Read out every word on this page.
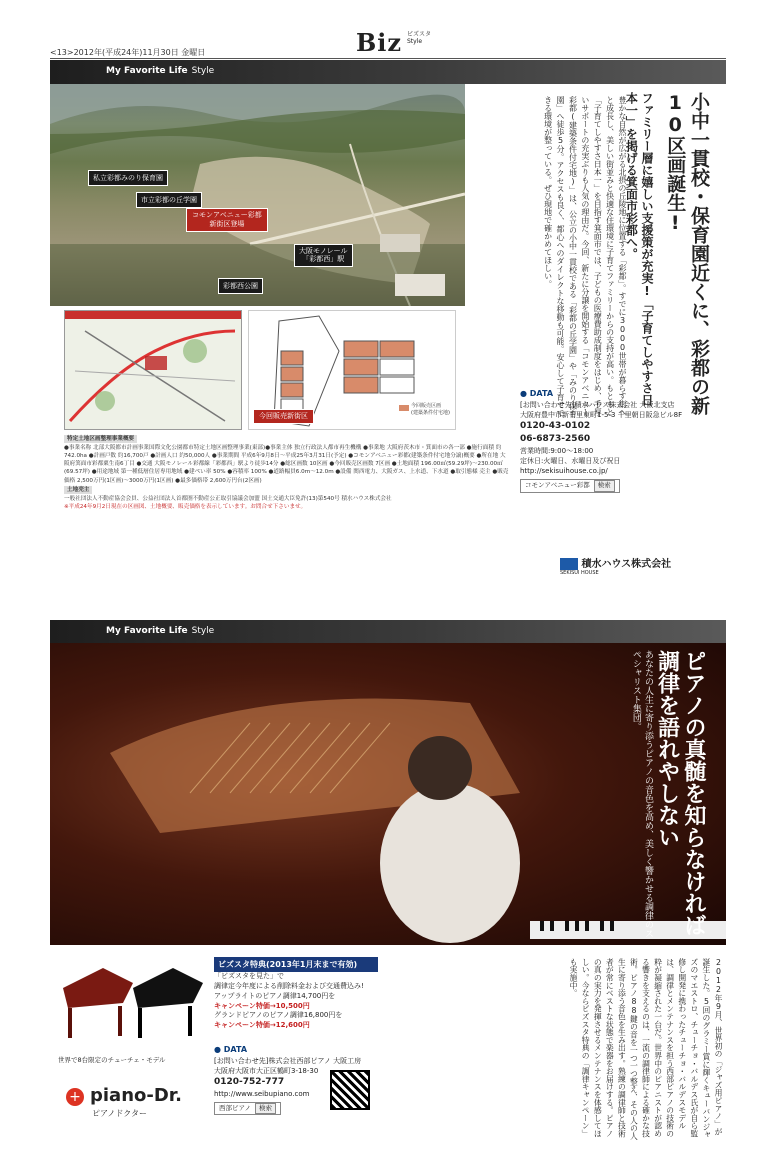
<13>2012年(平成24年)11月30日 金曜日	Biz ビズスタ
Style
My Favorite Life Style
私立彩都みのり保育園
市立彩都の丘学園
コモンアベニュー彩都
新街区登場
大阪モノレール
「彩都西」駅
彩都西公園
今回販売新街区
今回販売区画
(建築条件付宅地)	小中一貫校・保育園近くに、彩都の新10区画誕生!
ファミリー層に嬉しい支援策が充実!「子育てしやすさ日本一」を掲げる箕面市彩都へ。
豊かな自然が広がる北摂の丘陵地に位置する「彩都」。すでに3000世帯が暮らす街へと成長し、美しい街並みと快適な住環境に子育てファミリーからの支持が高い。もともと「子育てしやすさ日本一」を目指す箕面市では、子どもの医療費助成制度をはじめ、手厚いサポートの充実ぶりも人気の理由だ。今回、新たに分譲を開始する「コモンアベニュー彩都(建築条件付宅地)」は、公立の小中一貫校である「彩都の丘学園」や「みのり保育園」へ徒歩5分。アクセスも良く、都心へのダイレクトな移動も可能。安心して子育てできる環境が整っている。ぜひ現地で確かめてほしい。
特定土地区画整理事業概要
●事業名称 北部大阪都市計画事業国際文化公園都市特定土地区画整理事業(東部)●事業主体 独立行政法人都市再生機構 ●事業地 大阪府茨木市・箕面市の各一部 ●施行面積 約742.0ha ●計画戸数 約16,700戸 ●計画人口 約50,000人 ●事業期間 平成6年9月8日～平成25年3月31日(予定) ●コモンアベニュー彩都(建築条件付宅地分譲)概要 ●所在地 大阪府箕面市彩都粟生南6丁目 ●交通 大阪モノレール彩都線「彩都西」駅より徒歩14分 ●総区画数 10区画 ●今回販売区画数 7区画 ●土地面積 196.00㎡(59.29坪)～230.00㎡(69.57坪) ●用途地域 第一種低層住居専用地域 ●建ぺい率 50% ●容積率 100% ●道路幅員6.0m～12.0m ●設備 関西電力、大阪ガス、上水道、下水道 ●取引態様 売主 ●販売価格 2,500万円(1区画)～3000万円(1区画) ●最多価格帯 2,600万円台(2区画)
土地売主
一般社団法人不動産協会会員、公益社団法人首都圏不動産公正取引協議会加盟 国土交通大臣免許(13)第540号 積水ハウス株式会社
※平成24年9月2日現在の区画図、土地概要、販売価格を表示しています。お問合せ下さいませ。
● DATA
[お問い合わせ先]積水ハウス株式会社 大阪北支店
大阪府豊中市新千里東町1-5-3 千里朝日阪急ビル8F
0120-43-0102
06-6873-2560
営業時間:9:00～18:00
定休日:火曜日、水曜日及び祝日
http://sekisuihouse.co.jp/
コモンアベニュー彩都 検索
積水ハウス株式会社
SEKISUI HOUSE
My Favorite Life Style
ピアノの真髄を知らなければ調律を語れやしない
あなたの人生に寄り添うピアノの音色を高め、美しく響かせる調律のスペシャリスト集団。
世界で8台限定のチューチェ・モデル
+ piano-Dr.
ピアノドクター
ビズスタ特典(2013年1月末まで有効)
「ビズスタを見た」で
調律定今年度による削除料金および交通費込み!
アップライトのピアノ調律14,700円を
キャンペーン特価→10,500円
グランドピアノのピアノ調律16,800円を
キャンペーン特価→12,600円
● DATA
[お問い合わせ先]株式会社西部ピアノ 大阪工房
大阪府大阪市大正区鶴町3-18-30
0120-752-777
http://www.seibupiano.com
西部ピアノ 検索	2012年9月、世界初の「ジャズ用ピアノ」が誕生した。5回のグラミー賞に輝くキューバンジャズのマエストロ、チューチョ・バルデス氏が自ら監修し開発に携わったチューチョ・バルデスモデルは、調律とメンテナンスを担う西部ピアノの技術の粋が凝縮された一台だ。世界中のピアニストが認める響きを支えるのは、一流の調律師による確かな技術。ピアノ88鍵の音を一つ一つ整え、その人の人生に寄り添う音色を生み出す。熟練の調律師と技術者が常にベストな状態で楽器をお届けする。ピアノの真の実力を発揮させるメンテナンスを体感してほしい。今ならビズスタ特典の「調律キャンペーン」も実施中。
